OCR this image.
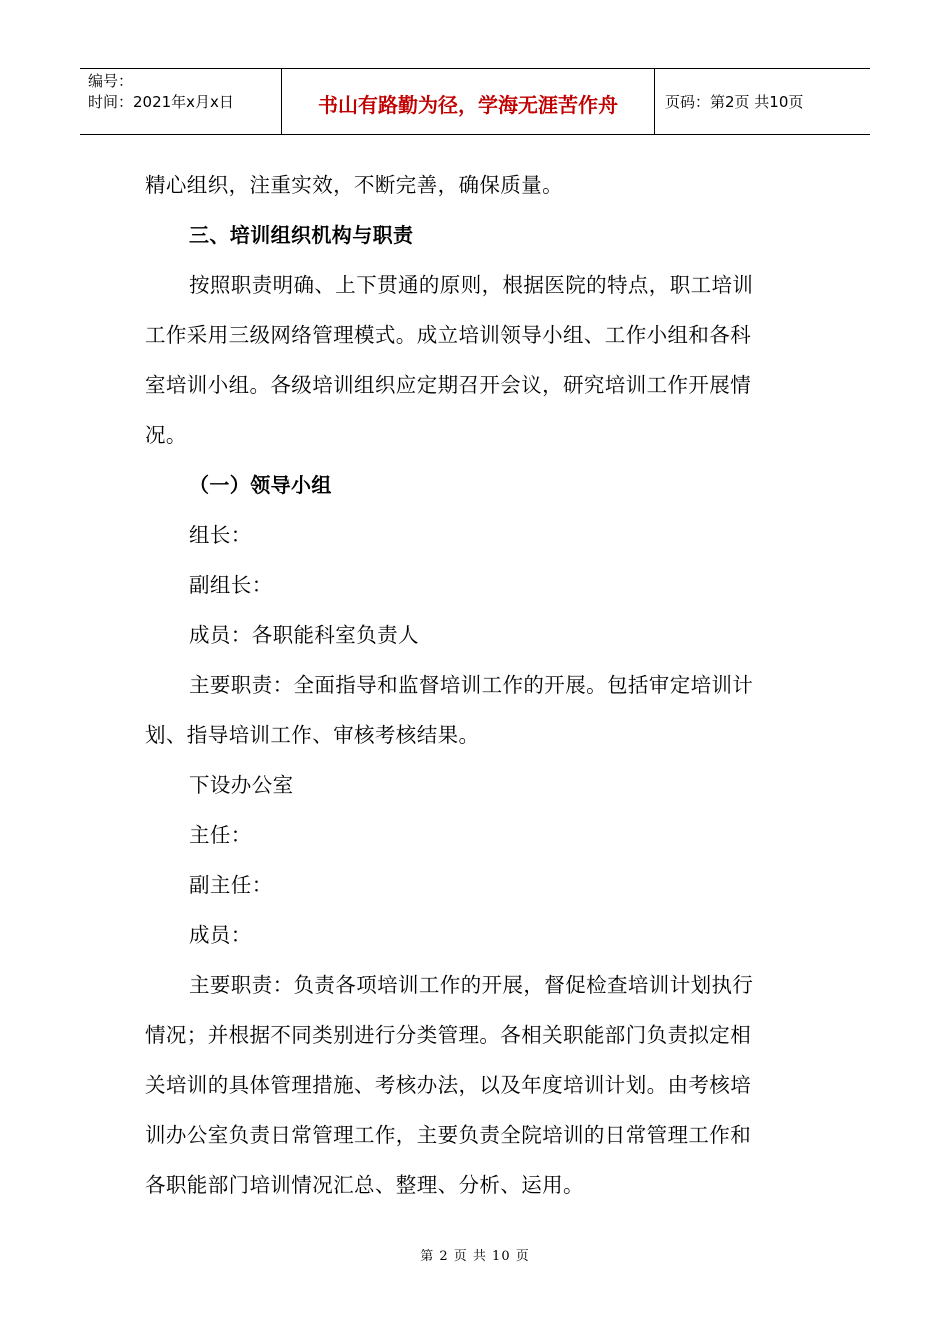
编号：
时间：2021年x月x日	书山有路勤为径，学海无涯苦作舟	页码：第2页 共10页
精心组织，注重实效，不断完善，确保质量。
三、培训组织机构与职责
按照职责明确、上下贯通的原则，根据医院的特点，职工培训
工作采用三级网络管理模式。成立培训领导小组、工作小组和各科
室培训小组。各级培训组织应定期召开会议，研究培训工作开展情
况。
（一）领导小组
组长：
副组长：
成员：各职能科室负责人
主要职责：全面指导和监督培训工作的开展。包括审定培训计
划、指导培训工作、审核考核结果。
下设办公室
主任：
副主任：
成员：
主要职责：负责各项培训工作的开展，督促检查培训计划执行
情况；并根据不同类别进行分类管理。各相关职能部门负责拟定相
关培训的具体管理措施、考核办法，以及年度培训计划。由考核培
训办公室负责日常管理工作，主要负责全院培训的日常管理工作和
各职能部门培训情况汇总、整理、分析、运用。
第 2 页 共 10 页
